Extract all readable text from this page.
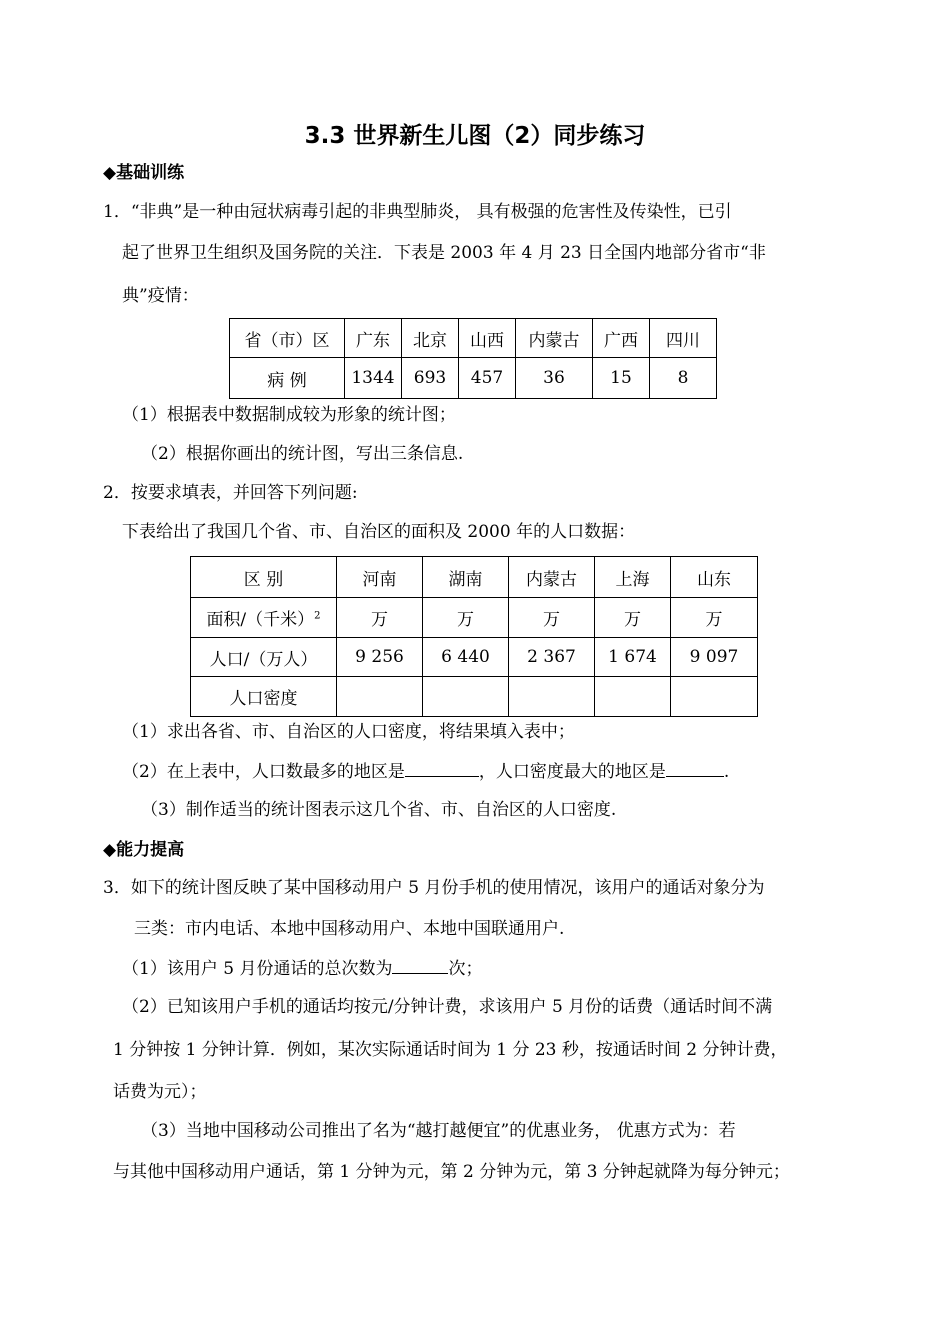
3.3 世界新生儿图（2）同步练习
◆基础训练
1．“非典”是一种由冠状病毒引起的非典型肺炎， 具有极强的危害性及传染性，已引
起了世界卫生组织及国务院的关注．下表是 2003 年 4 月 23 日全国内地部分省市“非
典”疫情：
省（市）区	广东	北京	山西	内蒙古	广西	四川
病 例	1344	693	457	36	15	8
（1）根据表中数据制成较为形象的统计图；
（2）根据你画出的统计图，写出三条信息.
2．按要求填表，并回答下列问题:
下表给出了我国几个省、市、自治区的面积及 2000 年的人口数据：
区 别	河南	湖南	内蒙古	上海	山东
面积/（千米）$^2$	万	万	万	万	万
人口/（万人）	9 256	6 440	2 367	1 674	9 097
人口密度					
（1）求出各省、市、自治区的人口密度，将结果填入表中；
（2）在上表中，人口数最多的地区是	，人口密度最大的地区是	.
（3）制作适当的统计图表示这几个省、市、自治区的人口密度.
◆能力提高
3．如下的统计图反映了某中国移动用户 5 月份手机的使用情况，该用户的通话对象分为
三类：市内电话、本地中国移动用户、本地中国联通用户.
（1）该用户 5 月份通话的总次数为	次；
（2）已知该用户手机的通话均按元/分钟计费，求该用户 5 月份的话费（通话时间不满
1 分钟按 1 分钟计算．例如，某次实际通话时间为 1 分 23 秒，按通话时间 2 分钟计费，
话费为元）；
（3）当地中国移动公司推出了名为“越打越便宜”的优惠业务， 优惠方式为：若
与其他中国移动用户通话，第 1 分钟为元，第 2 分钟为元，第 3 分钟起就降为每分钟元；
